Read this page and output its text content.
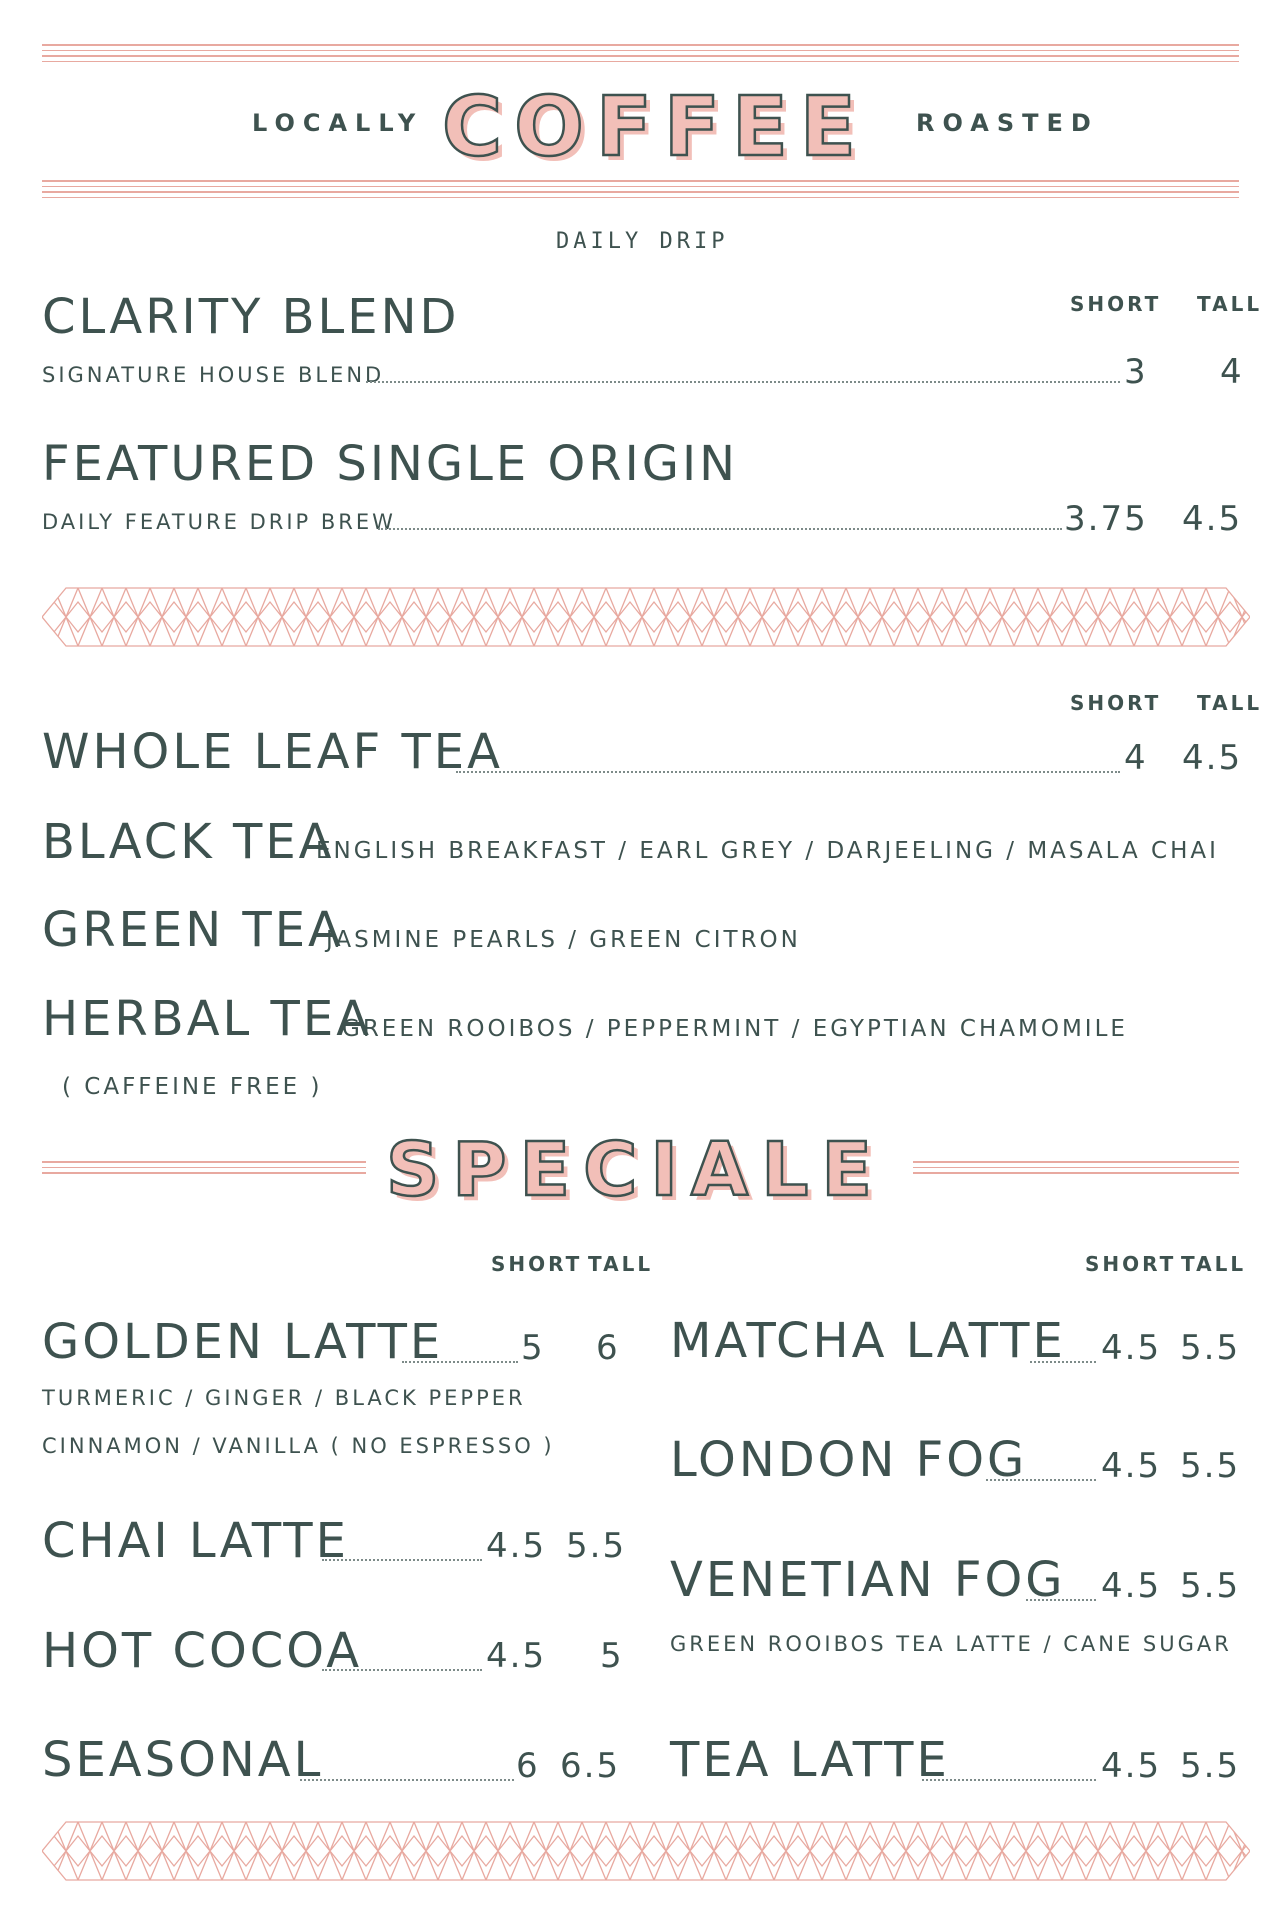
LOCALLY COFFEE ROASTED
DAILY DRIP
SHORT TALL
CLARITY BLEND
SIGNATURE HOUSE BLEND	3 4
FEATURED SINGLE ORIGIN
DAILY FEATURE DRIP BREW	3.75 4.5
SHORT TALL
WHOLE LEAF TEA	4 4.5
BLACK TEA
ENGLISH BREAKFAST / EARL GREY / DARJEELING / MASALA CHAI
GREEN TEA
JASMINE PEARLS / GREEN CITRON
HERBAL TEA
GREEN ROOIBOS / PEPPERMINT / EGYPTIAN CHAMOMILE
( CAFFEINE FREE )
SPECIALE
SHORT TALL
GOLDEN LATTE 5 6
TURMERIC / GINGER / BLACK PEPPER
CINNAMON / VANILLA ( NO ESPRESSO )
CHAI LATTE	4.5 5.5
HOT COCOA	4.5 5
SEASONAL	6 6.5
SHORT TALL
MATCHA LATTE 4.5 5.5
LONDON FOG 4.5 5.5
VENETIAN FOG 4.5 5.5
GREEN ROOIBOS TEA LATTE / CANE SUGAR
TEA LATTE	4.5 5.5
